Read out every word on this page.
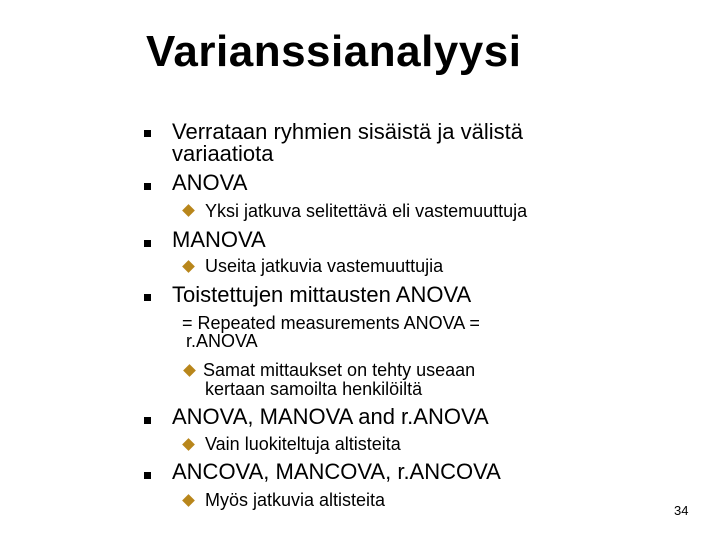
Varianssianalyysi
Verrataan ryhmien sisäistä ja välistä
variaatiota
ANOVA
Yksi jatkuva selitettävä eli vastemuuttuja
MANOVA
Useita jatkuvia vastemuuttujia
Toistettujen mittausten ANOVA
= Repeated measurements ANOVA =
r.ANOVA
Samat mittaukset on tehty useaan
kertaan samoilta henkilöiltä
ANOVA, MANOVA and r.ANOVA
Vain luokiteltuja altisteita
ANCOVA, MANCOVA, r.ANCOVA
Myös jatkuvia altisteita
34
